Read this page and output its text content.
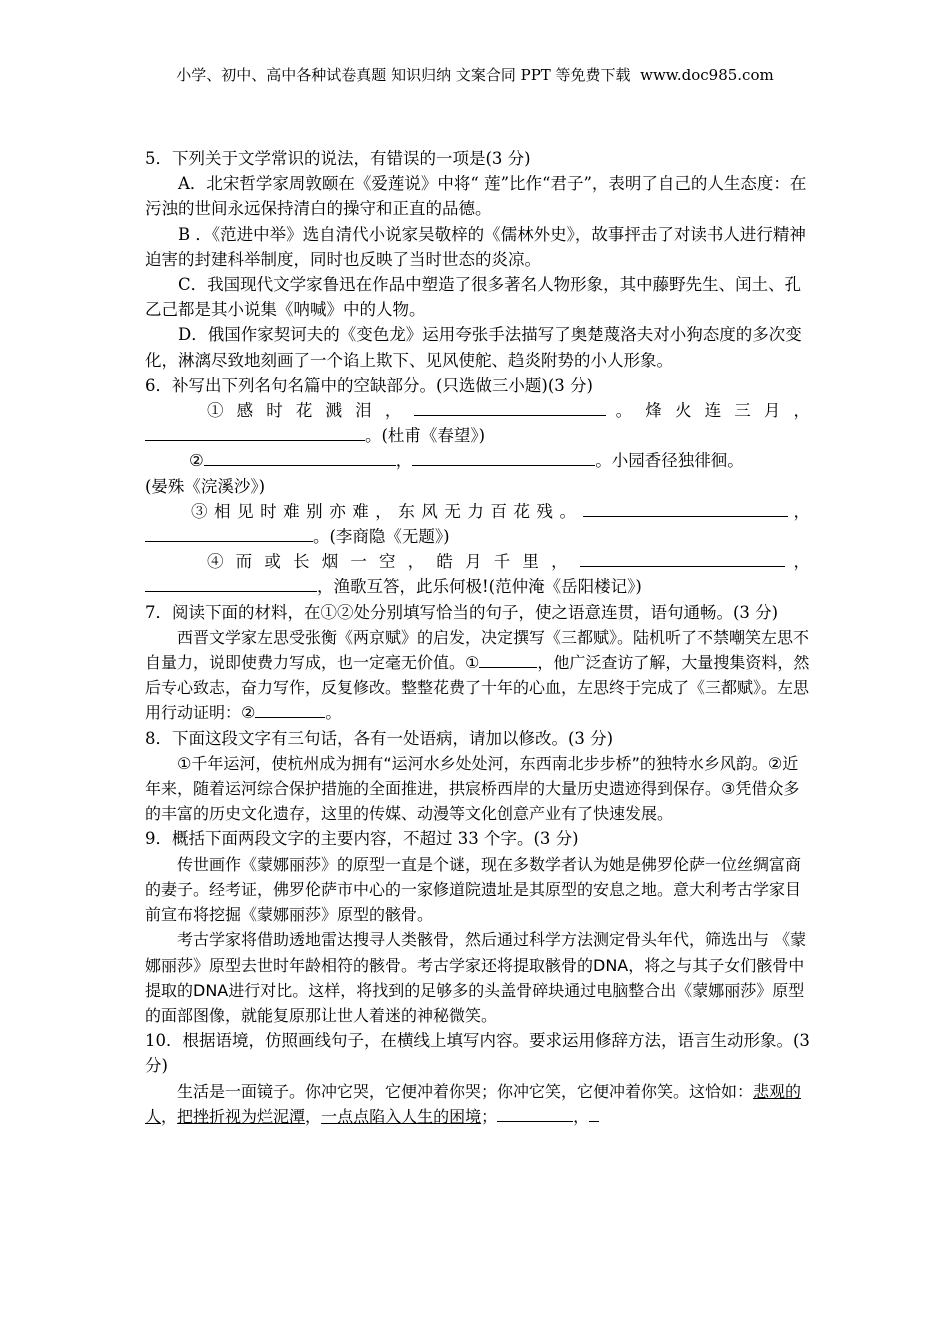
小学、初中、高中各种试卷真题 知识归纳 文案合同 PPT 等免费下载 www.doc985.com

5．下列关于文学常识的说法，有错误的一项是(3 分)

A．北宋哲学家周敦颐在《爱莲说》中将“ 莲”比作“君子”，表明了自己的人生态度：在污浊的世间永远保持清白的操守和正直的品德。

B ．《范进中举》选自清代小说家吴敬梓的《儒林外史》，故事抨击了对读书人进行精神迫害的封建科举制度，同时也反映了当时世态的炎凉。

C．我国现代文学家鲁迅在作品中塑造了很多著名人物形象，其中藤野先生、闰土、孔乙己都是其小说集《呐喊》中的人物。

D．俄国作家契诃夫的《变色龙》运用夸张手法描写了奥楚蔑洛夫对小狗态度的多次变化，淋漓尽致地刻画了一个谄上欺下、见风使舵、趋炎附势的小人形象。

6．补写出下列名句名篇中的空缺部分。(只选做三小题)(3 分)

① 感 时 花 溅 泪 ，	。 烽 火 连 三 月 ，

。(杜甫《春望》)

②	，	。小园香径独徘徊。

(晏殊《浣溪沙》)

③ 相 见 时 难 别 亦 难 ， 东 风 无 力 百 花 残 。	，

。(李商隐《无题》)

④ 而 或 长 烟 一 空 ， 皓 月 千 里 ，	，

，渔歌互答，此乐何极!(范仲淹《岳阳楼记》)

7．阅读下面的材料，在①②处分别填写恰当的句子，使之语意连贯，语句通畅。(3 分)

西晋文学家左思受张衡《两京赋》的启发，决定撰写《三都赋》。陆机听了不禁嘲笑左思不自量力，说即使费力写成，也一定毫无价值。①	，他广泛查访了解，大量搜集资料，然后专心致志，奋力写作，反复修改。整整花费了十年的心血，左思终于完成了《三都赋》。左思用行动证明：②	。

8．下面这段文字有三句话，各有一处语病，请加以修改。(3 分)

①千年运河，使杭州成为拥有“运河水乡处处河，东西南北步步桥”的独特水乡风韵。②近年来，随着运河综合保护措施的全面推进，拱宸桥西岸的大量历史遗迹得到保存。③凭借众多的丰富的历史文化遗存，这里的传媒、动漫等文化创意产业有了快速发展。

9．概括下面两段文字的主要内容，不超过 33 个字。(3 分)

传世画作《蒙娜丽莎》的原型一直是个谜，现在多数学者认为她是佛罗伦萨一位丝绸富商的妻子。经考证，佛罗伦萨市中心的一家修道院遗址是其原型的安息之地。意大利考古学家目前宣布将挖掘《蒙娜丽莎》原型的骸骨。

考古学家将借助透地雷达搜寻人类骸骨，然后通过科学方法测定骨头年代，筛选出与 《蒙娜丽莎》原型去世时年龄相符的骸骨。考古学家还将提取骸骨的DNA，将之与其子女们骸骨中提取的DNA进行对比。这样，将找到的足够多的头盖骨碎块通过电脑整合出《蒙娜丽莎》原型的面部图像，就能复原那让世人着迷的神秘微笑。

10．根据语境，仿照画线句子，在横线上填写内容。要求运用修辞方法，语言生动形象。(3 分)

生活是一面镜子。你冲它哭，它便冲着你哭；你冲它笑，它便冲着你笑。这恰如：悲观的人，把挫折视为烂泥潭，一点点陷入人生的困境；	，
